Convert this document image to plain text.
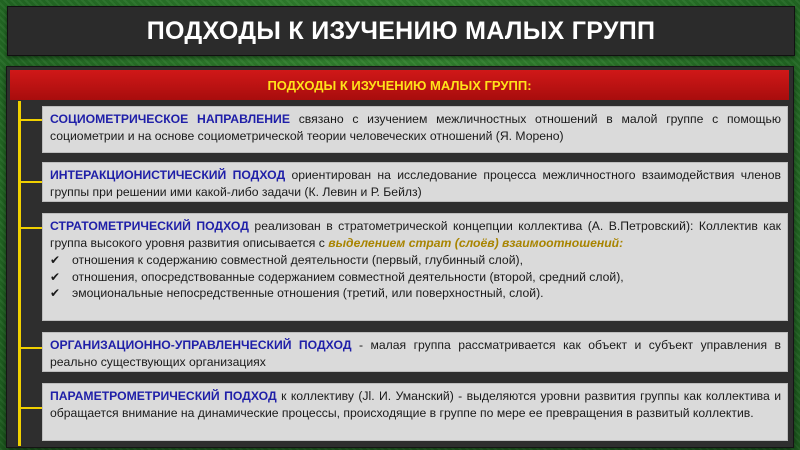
ПОДХОДЫ К ИЗУЧЕНИЮ МАЛЫХ ГРУПП
ПОДХОДЫ К ИЗУЧЕНИЮ МАЛЫХ ГРУПП:
СОЦИОМЕТРИЧЕСКОЕ НАПРАВЛЕНИЕ связано с изучением межличностных отношений в малой группе с помощью социометрии и на основе социометрической теории человеческих отношений (Я. Морено)
ИНТЕРАКЦИОНИСТИЧЕСКИЙ ПОДХОД ориентирован на исследование процесса межличностного взаимодействия членов группы при решении ими какой-либо задачи (К. Левин и Р. Бейлз)
СТРАТОМЕТРИЧЕСКИЙ ПОДХОД реализован в стратометрической концепции коллектива (А. В.Петровский): Коллектив как группа высокого уровня развития описывается с выделением страт (слоёв) взаимоотношений:
✔ отношения к содержанию совместной деятельности (первый, глубинный слой),
✔ отношения, опосредствованные содержанием совместной деятельности (второй, средний слой),
✔ эмоциональные непосредственные отношения (третий, или поверхностный, слой).
ОРГАНИЗАЦИОННО-УПРАВЛЕНЧЕСКИЙ ПОДХОД - малая группа рассматривается как объект и субъект управления в реально существующих организациях
ПАРАМЕТРОМЕТРИЧЕСКИЙ ПОДХОД к коллективу (Jl. И. Уманский) - выделяются уровни развития группы как коллектива и обращается внимание на динамические процессы, происходящие в группе по мере ее превращения в развитый коллектив.
